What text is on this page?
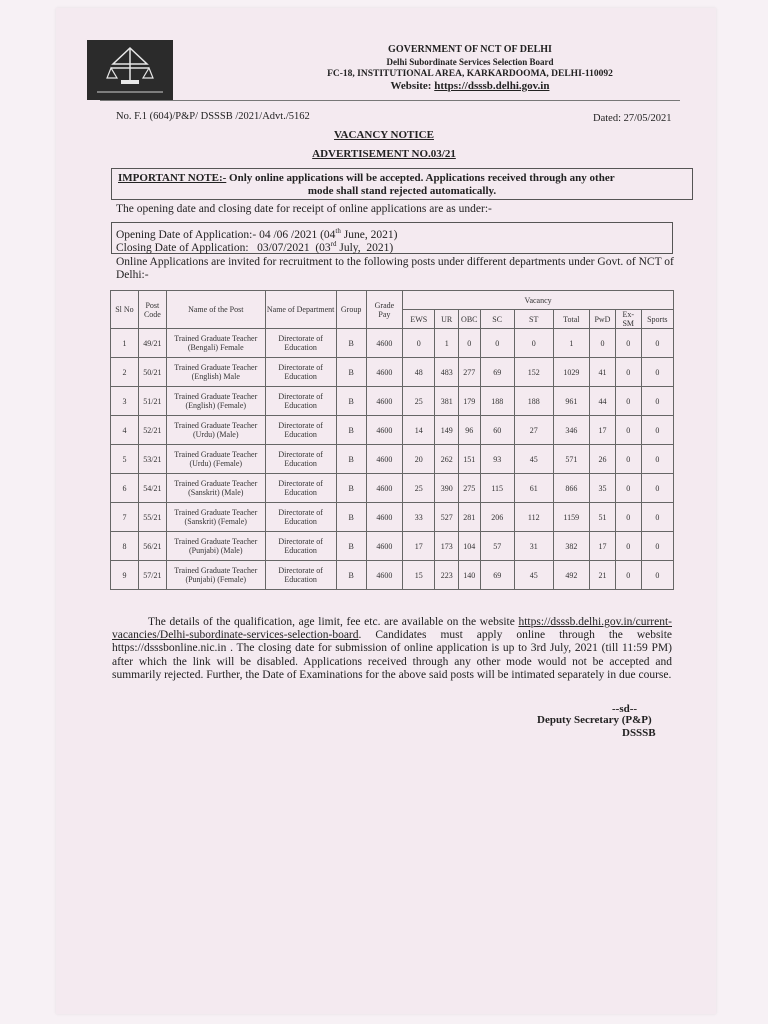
GOVERNMENT OF NCT OF DELHI
Delhi Subordinate Services Selection Board
FC-18, INSTITUTIONAL AREA, KARKARDOOMA, DELHI-110092
Website: https://dsssb.delhi.gov.in
No. F.1 (604)/P&P/ DSSSB /2021/Advt./5162	Dated: 27/05/2021
VACANCY NOTICE
ADVERTISEMENT NO.03/21
IMPORTANT NOTE:- Only online applications will be accepted. Applications received through any other
mode shall stand rejected automatically.
The opening date and closing date for receipt of online applications are as under:-
Opening Date of Application:- 04 /06 /2021 (04th June, 2021)
Closing Date of Application:   03/07/2021  (03rd July,  2021)
Online Applications are invited for recruitment to the following posts under different departments under Govt. of NCT of Delhi:-
Sl No	Post Code	Name of the Post	Name of Department	Group	Grade Pay	Vacancy								
						EWS	UR	OBC	SC	ST	Total	PwD	Ex- SM	Sports
1	49/21	Trained Graduate Teacher (Bengali) Female	Directorate of Education	B	4600	0	1	0	0	0	1	0	0	0
2	50/21	Trained Graduate Teacher (English) Male	Directorate of Education	B	4600	48	483	277	69	152	1029	41	0	0
3	51/21	Trained Graduate Teacher (English) (Female)	Directorate of Education	B	4600	25	381	179	188	188	961	44	0	0
4	52/21	Trained Graduate Teacher (Urdu) (Male)	Directorate of Education	B	4600	14	149	96	60	27	346	17	0	0
5	53/21	Trained Graduate Teacher (Urdu) (Female)	Directorate of Education	B	4600	20	262	151	93	45	571	26	0	0
6	54/21	Trained Graduate Teacher (Sanskrit) (Male)	Directorate of Education	B	4600	25	390	275	115	61	866	35	0	0
7	55/21	Trained Graduate Teacher (Sanskrit) (Female)	Directorate of Education	B	4600	33	527	281	206	112	1159	51	0	0
8	56/21	Trained Graduate Teacher (Punjabi) (Male)	Directorate of Education	B	4600	17	173	104	57	31	382	17	0	0
9	57/21	Trained Graduate Teacher (Punjabi) (Female)	Directorate of Education	B	4600	15	223	140	69	45	492	21	0	0
The details of the qualification, age limit, fee etc. are available on the website https://dsssb.delhi.gov.in/current-vacancies/Delhi-subordinate-services-selection-board. Candidates must apply online through the website https://dsssbonline.nic.in . The closing date for submission of online application is up to 3rd July, 2021 (till 11:59 PM) after which the link will be disabled. Applications received through any other mode would not be accepted and summarily rejected. Further, the Date of Examinations for the above said posts will be intimated separately in due course.
--sd--
Deputy Secretary (P&P)
DSSSB
